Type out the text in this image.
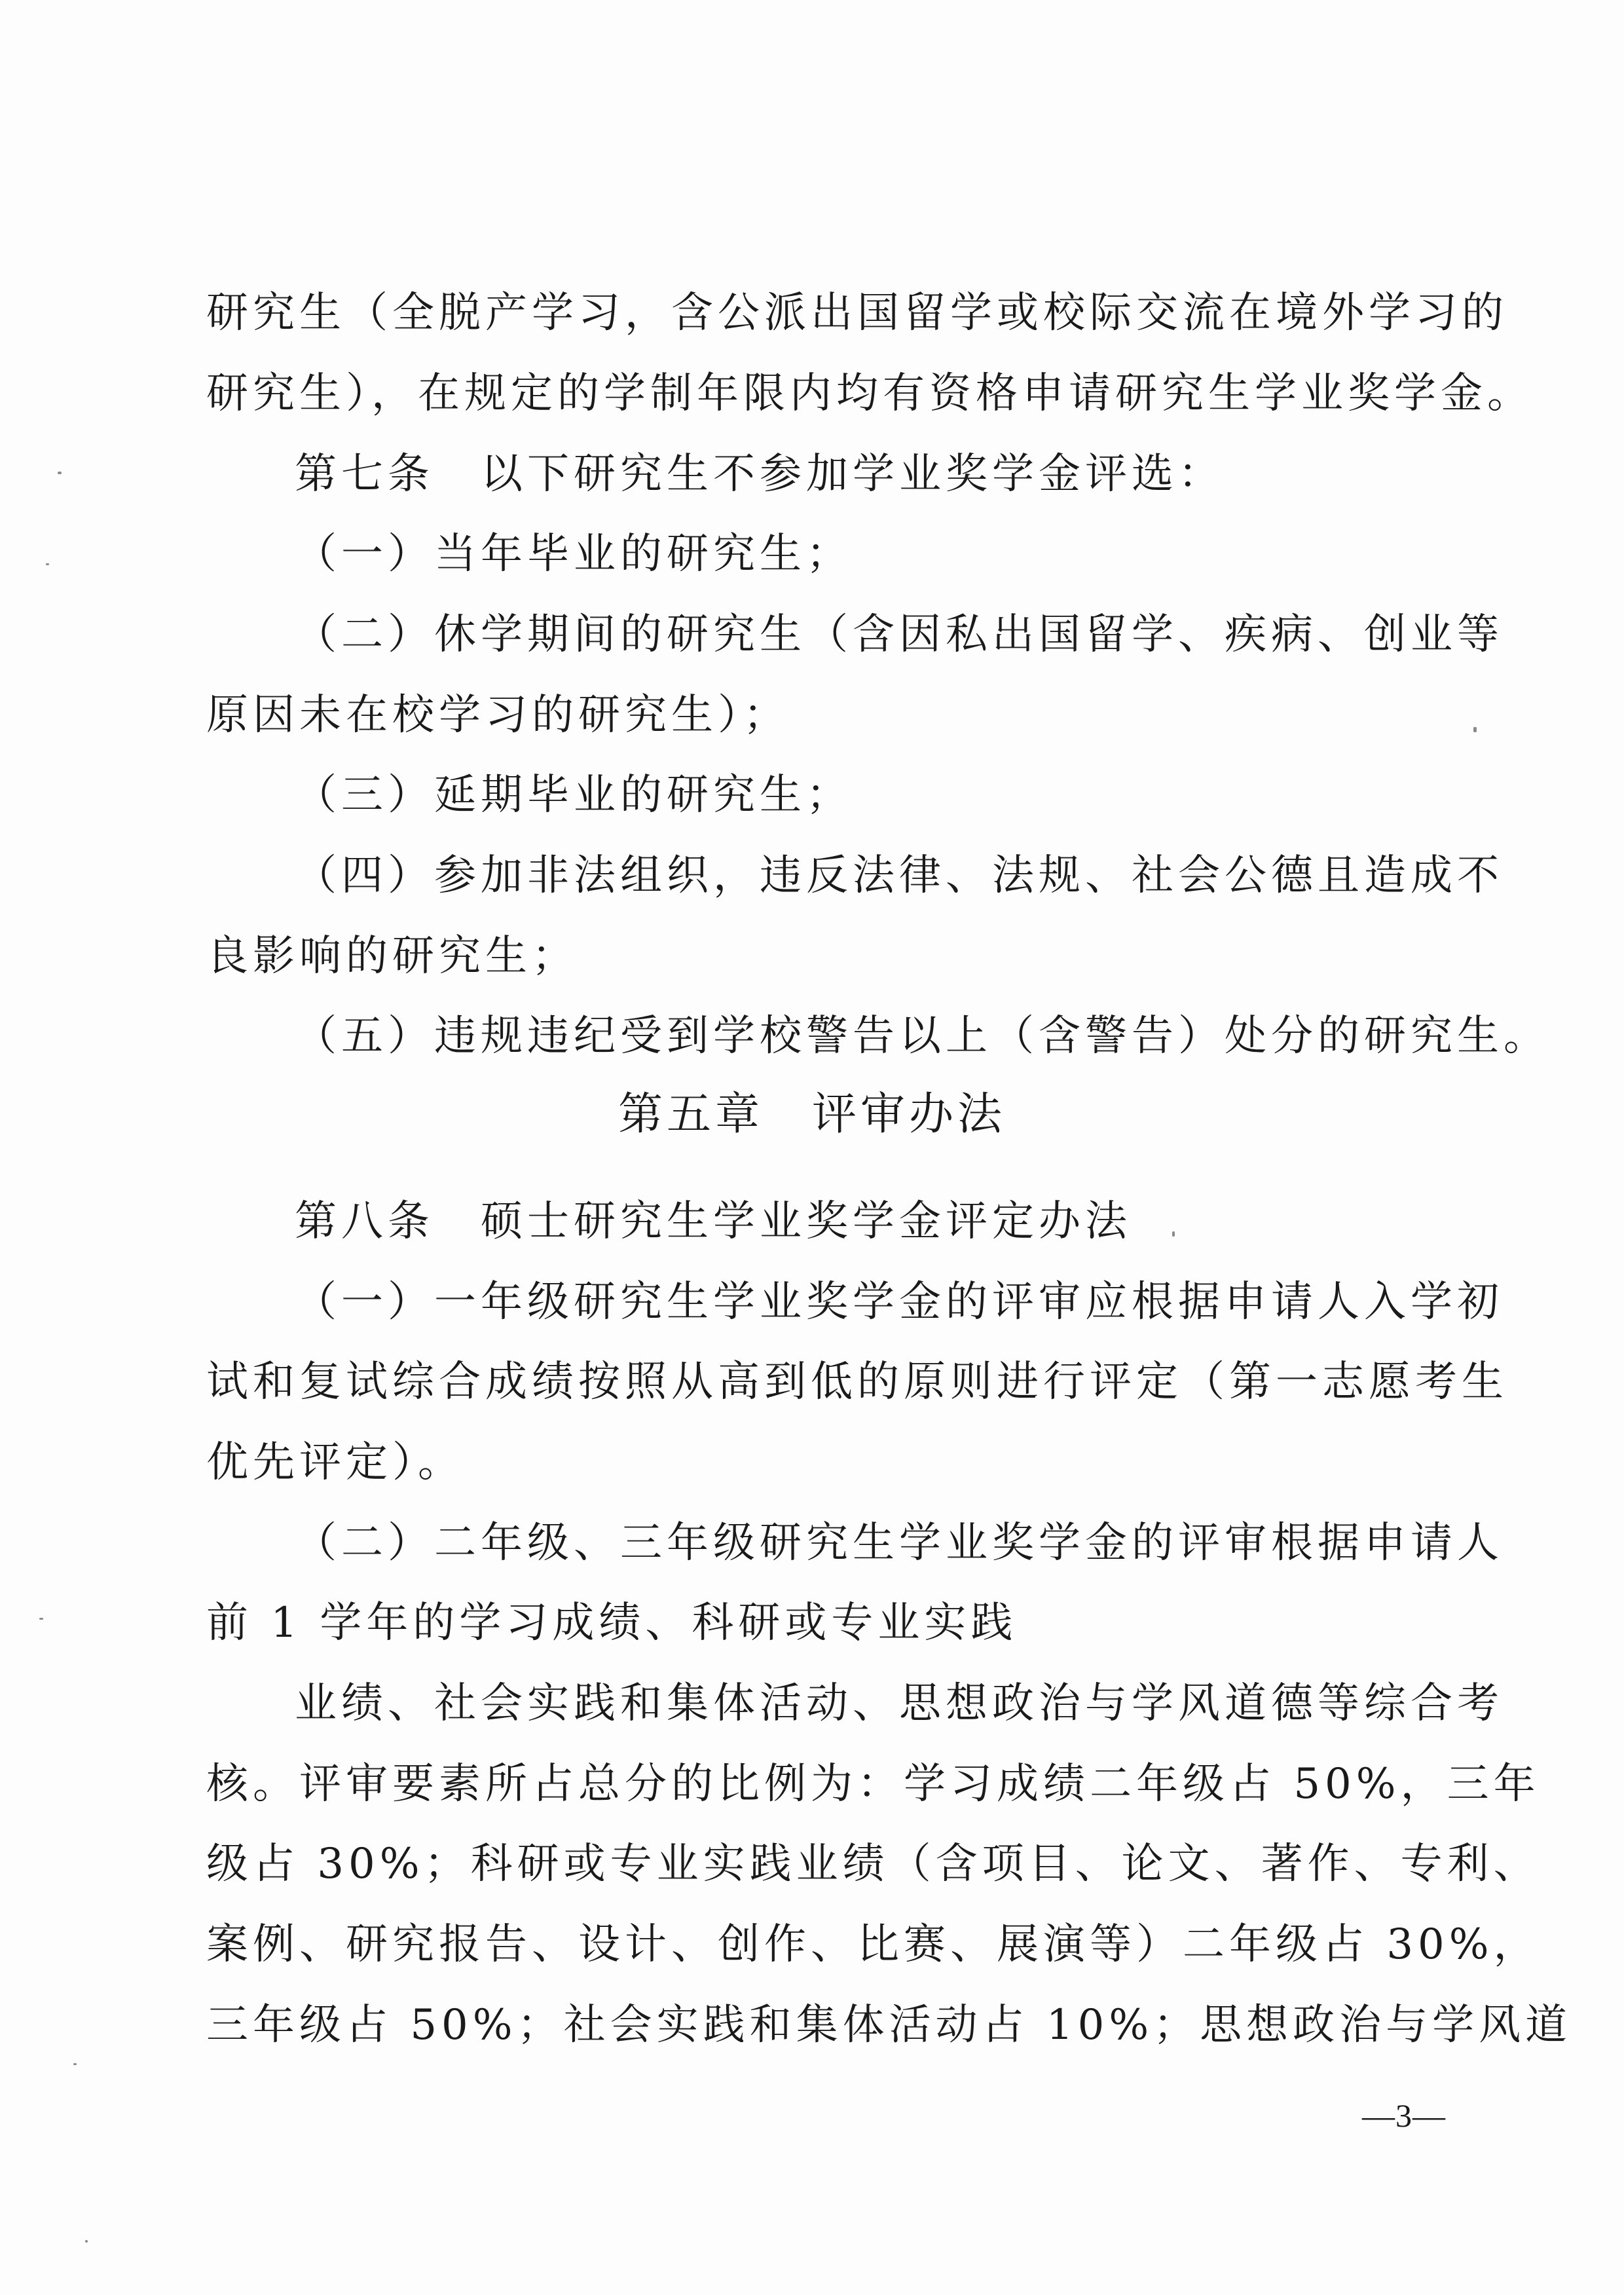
研究生（全脱产学习，含公派出国留学或校际交流在境外学习的
研究生），在规定的学制年限内均有资格申请研究生学业奖学金。
第七条　以下研究生不参加学业奖学金评选：
（一）当年毕业的研究生；
（二）休学期间的研究生（含因私出国留学、疾病、创业等
原因未在校学习的研究生）；
（三）延期毕业的研究生；
（四）参加非法组织，违反法律、法规、社会公德且造成不
良影响的研究生；
（五）违规违纪受到学校警告以上（含警告）处分的研究生。
第五章　评审办法
第八条　硕士研究生学业奖学金评定办法
（一）一年级研究生学业奖学金的评审应根据申请人入学初
试和复试综合成绩按照从高到低的原则进行评定（第一志愿考生
优先评定）。
（二）二年级、三年级研究生学业奖学金的评审根据申请人
前 1 学年的学习成绩、科研或专业实践
业绩、社会实践和集体活动、思想政治与学风道德等综合考
核。评审要素所占总分的比例为：学习成绩二年级占 50%，三年
级占 30%；科研或专业实践业绩（含项目、论文、著作、专利、
案例、研究报告、设计、创作、比赛、展演等）二年级占 30%，
三年级占 50%；社会实践和集体活动占 10%；思想政治与学风道
—3—
